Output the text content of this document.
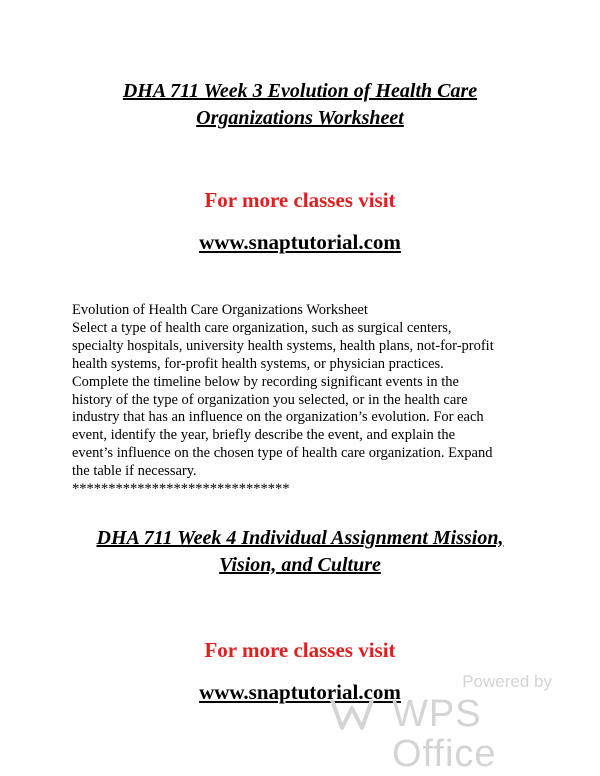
DHA 711 Week 3 Evolution of Health Care
Organizations Worksheet

For more classes visit

www.snaptutorial.com

Evolution of Health Care Organizations Worksheet
Select a type of health care organization, such as surgical centers,
specialty hospitals, university health systems, health plans, not-for-profit
health systems, for-profit health systems, or physician practices.
Complete the timeline below by recording significant events in the
history of the type of organization you selected, or in the health care
industry that has an influence on the organization’s evolution. For each
event, identify the year, briefly describe the event, and explain the
event’s influence on the chosen type of health care organization. Expand
the table if necessary.
******************************
DHA 711 Week 4 Individual Assignment Mission,
Vision, and Culture

For more classes visit

www.snaptutorial.com	Powered by
WPS Office
